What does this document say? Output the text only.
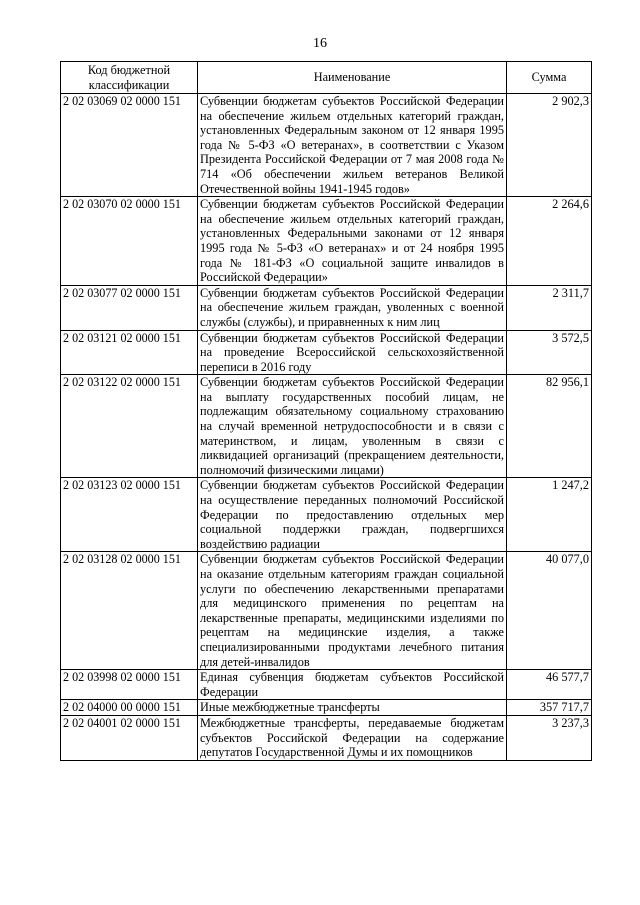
16
Код бюджетной классификации	Наименование	Сумма
2 02 03069 02 0000 151	Субвенции бюджетам субъектов Российской Федерации на обеспечение жильем отдельных категорий граждан, установленных Федеральным законом от 12 января 1995 года № 5-ФЗ «О ветеранах», в соответствии с Указом Президента Российской Федерации от 7 мая 2008 года № 714 «Об обеспечении жильем ветеранов Великой Отечественной войны 1941-1945 годов»	2 902,3
2 02 03070 02 0000 151	Субвенции бюджетам субъектов Российской Федерации на обеспечение жильем отдельных категорий граждан, установленных Федеральными законами от 12 января 1995 года № 5-ФЗ «О ветеранах» и от 24 ноября 1995 года № 181-ФЗ «О социальной защите инвалидов в Российской Федерации»	2 264,6
2 02 03077 02 0000 151	Субвенции бюджетам субъектов Российской Федерации на обеспечение жильем граждан, уволенных с военной службы (службы), и приравненных к ним лиц	2 311,7
2 02 03121 02 0000 151	Субвенции бюджетам субъектов Российской Федерации на проведение Всероссийской сельскохозяйственной переписи в 2016 году	3 572,5
2 02 03122 02 0000 151	Субвенции бюджетам субъектов Российской Федерации на выплату государственных пособий лицам, не подлежащим обязательному социальному страхованию на случай временной нетрудоспособности и в связи с материнством, и лицам, уволенным в связи с ликвидацией организаций (прекращением деятельности, полномочий физическими лицами)	82 956,1
2 02 03123 02 0000 151	Субвенции бюджетам субъектов Российской Федерации на осуществление переданных полномочий Российской Федерации по предоставлению отдельных мер социальной поддержки граждан, подвергшихся воздействию радиации	1 247,2
2 02 03128 02 0000 151	Субвенции бюджетам субъектов Российской Федерации на оказание отдельным категориям граждан социальной услуги по обеспечению лекарственными препаратами для медицинского применения по рецептам на лекарственные препараты, медицинскими изделиями по рецептам на медицинские изделия, а также специализированными продуктами лечебного питания для детей-инвалидов	40 077,0
2 02 03998 02 0000 151	Единая субвенция бюджетам субъектов Российской Федерации	46 577,7
2 02 04000 00 0000 151	Иные межбюджетные трансферты	357 717,7
2 02 04001 02 0000 151	Межбюджетные трансферты, передаваемые бюджетам субъектов Российской Федерации на содержание депутатов Государственной Думы и их помощников	3 237,3
